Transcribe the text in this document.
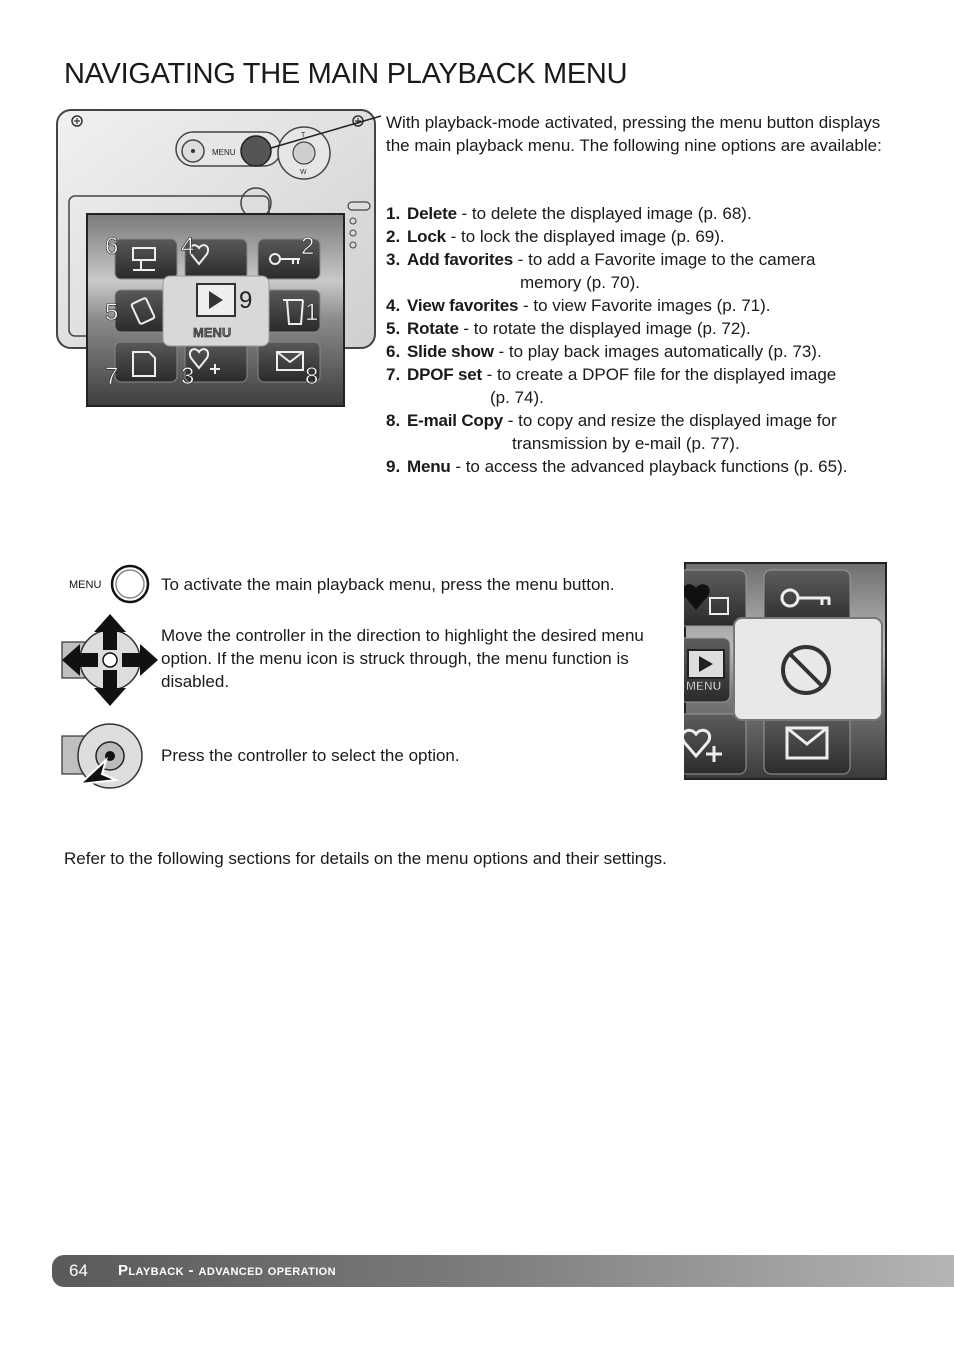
NAVIGATING THE MAIN PLAYBACK MENU
MENU
T
W
MENU
6	4	2
5	9 1
7	3	8
With playback-mode activated, pressing the menu button displays the main playback menu. The following nine options are available:
1. Delete - to delete the displayed image (p. 68).
2. Lock - to lock the displayed image (p. 69).
3. Add favorites - to add a Favorite image to the camera
memory (p. 70).
4. View favorites - to view Favorite images (p. 71).
5. Rotate - to rotate the displayed image (p. 72).
6. Slide show - to play back images automatically (p. 73).
7. DPOF set - to create a DPOF file for the displayed image
(p. 74).
8. E-mail Copy - to copy and resize the displayed image for
transmission by e-mail (p. 77).
9. Menu - to access the advanced playback functions (p. 65).
MENU	To activate the main playback menu, press the menu button.
Move the controller in the direction to highlight the desired menu option. If the menu icon is struck through, the menu function is disabled.
Press the controller to select the option.
MENU
Refer to the following sections for details on the menu options and their settings.
64 Playback - advanced operation
